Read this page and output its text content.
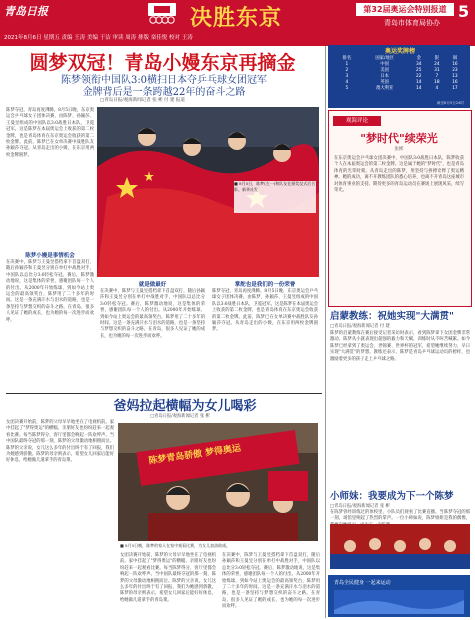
青岛日报	决胜东京	第32届奥运会特别报道
青岛市体育局协办
5
2021年8月6日 星期五 责编 王涛 美编 于洁 审读 周涛 排版 栾佳悦 校对 王涛
圆梦双冠！青岛小嫚东京再摘金
陈梦领衔中国队3:0横扫日本夺乒乓球女团冠军
金牌背后是一条跨越22年的奋斗之路
□青岛日报/观海新闻记者 张 彬 付 建 报道
陈梦夺冠，青岛再度沸腾。8月5日晚，东京奥运会乒乓球女子团体决赛，由陈梦、孙颖莎、王曼昱组成的中国队以3:0战胜日本队，卫冕冠军。这是陈梦在本届奥运会上收获的第二枚金牌，也是青岛体育在东京奥运会收获的第二枚金牌。此前，陈梦已在女单决赛中战胜队友孙颖莎夺冠。从青岛走出的小嫚，在东京用两枚金牌圆梦。
陈梦小嫚是事情机会
在决赛中，陈梦与王曼昱搭档拿下首盘双打，随后孙颖莎和王曼昱分别在单打中战胜对手，中国队以总比分3:0轻松夺冠。赛后，陈梦激动地说，这是集体的荣誉，感谢团队每一个人的付出。从2000年开始练球，到如今站上奥运会的最高领奖台，陈梦用了二十多年的时间。这是一条充满汗水与泪水的道路，也是一条坚持与梦想交织的奋斗之路。在青岛，很多人见证了她的成长，也为她的每一次进步而欢呼。
■ 8月5日，陈梦(左一)和队友在颁奖仪式后合影。新华社发
就是做最好
在决赛中，陈梦与王曼昱搭档拿下首盘双打，随后孙颖莎和王曼昱分别在单打中战胜对手，中国队以总比分3:0轻松夺冠。赛后，陈梦激动地说，这是集体的荣誉，感谢团队每一个人的付出。从2000年开始练球，到如今站上奥运会的最高领奖台，陈梦用了二十多年的时间。这是一条充满汗水与泪水的道路，也是一条坚持与梦想交织的奋斗之路。在青岛，很多人见证了她的成长，也为她的每一次进步而欢呼。
掌舵也是我们的一份荣誉
陈梦夺冠，青岛再度沸腾。8月5日晚，东京奥运会乒乓球女子团体决赛，由陈梦、孙颖莎、王曼昱组成的中国队以3:0战胜日本队，卫冕冠军。这是陈梦在本届奥运会上收获的第二枚金牌，也是青岛体育在东京奥运会收获的第二枚金牌。此前，陈梦已在女单决赛中战胜队友孙颖莎夺冠。从青岛走出的小嫚，在东京用两枚金牌圆梦。
爸妈拉起横幅为女儿喝彩
□青岛日报/观海新闻记者 张 彬
女团决赛开始前，陈梦的父母早早地坐在了电视机前。家中挂起了"梦得奥运"的横幅，亲朋好友也纷纷赶来一起观看比赛。每当陈梦得分，客厅里都会响起一阵欢呼声。当中国队最终夺冠的那一刻，陈梦的父母激动地相拥而泣。陈梦的父亲说，女儿这么多年的付出终于有了回报，我们为她感到骄傲。陈梦的母亲则表示，希望女儿回家后能好好休息，给她做几道拿手的青岛菜。	陈梦青岛骄傲 梦得奥运
■ 8月5日晚，陈梦的家人在家中观看比赛，为女儿加油助威。
女团决赛开始前，陈梦的父母早早地坐在了电视机前。家中挂起了"梦得奥运"的横幅，亲朋好友也纷纷赶来一起观看比赛。每当陈梦得分，客厅里都会响起一阵欢呼声。当中国队最终夺冠的那一刻，陈梦的父母激动地相拥而泣。陈梦的父亲说，女儿这么多年的付出终于有了回报，我们为她感到骄傲。陈梦的母亲则表示，希望女儿回家后能好好休息，给她做几道拿手的青岛菜。
在决赛中，陈梦与王曼昱搭档拿下首盘双打，随后孙颖莎和王曼昱分别在单打中战胜对手，中国队以总比分3:0轻松夺冠。赛后，陈梦激动地说，这是集体的荣誉，感谢团队每一个人的付出。从2000年开始练球，到如今站上奥运会的最高领奖台，陈梦用了二十多年的时间。这是一条充满汗水与泪水的道路，也是一条坚持与梦想交织的奋斗之路。在青岛，很多人见证了她的成长，也为她的每一次进步而欢呼。
奥运奖牌榜
排名	国家/地区	金	银	铜
1	中国	34	24	16
2	美国	25	31	23
3	日本	22	7	13
4	英国	14	18	16
5	澳大利亚	14	4	17
截至8月5日24时
观海评论
"梦时代"续荣光
张彬
在东京奥运会乒乓球女团决赛中，中国队3:0战胜日本队，陈梦收获个人在本届奥运会的第二枚金牌。这是属于她的"梦时代"，也是青岛体育的光荣时刻。从青岛走出的陈梦，用坚持与拼搏诠释了奥运精神。她的成功，离不开教练团队的悉心培养，也离不开青岛这座城市对体育事业的支持。期待更多的青岛运动员在赛场上展现风采，续写荣光。
启蒙教练：祝她实现"大满贯"
□青岛日报/观海新闻记者 付 建
陈梦的启蒙教练在赛后接受记者采访时表示，看到陈梦拿下女团金牌非常激动。陈梦从小就表现出超强的毅力和天赋，训练时从不叫苦喊累。如今陈梦已经拿到了奥运会、世锦赛、世界杯的冠军，希望她继续努力，早日实现"大满贯"的梦想。教练还表示，陈梦是青岛乒乓球运动员的榜样，也激励着更多的孩子走上乒乓球之路。
小师妹：我要成为下一个陈梦
□青岛日报/观海新闻记者 张 彬
在陈梦曾经训练过的体校里，小队员们观看了比赛直播。当陈梦夺冠的那一刻，场馆里响起了热烈的掌声。一位小师妹说，陈梦姐姐是我的偶像，
青岛全民健身 一起来运动
